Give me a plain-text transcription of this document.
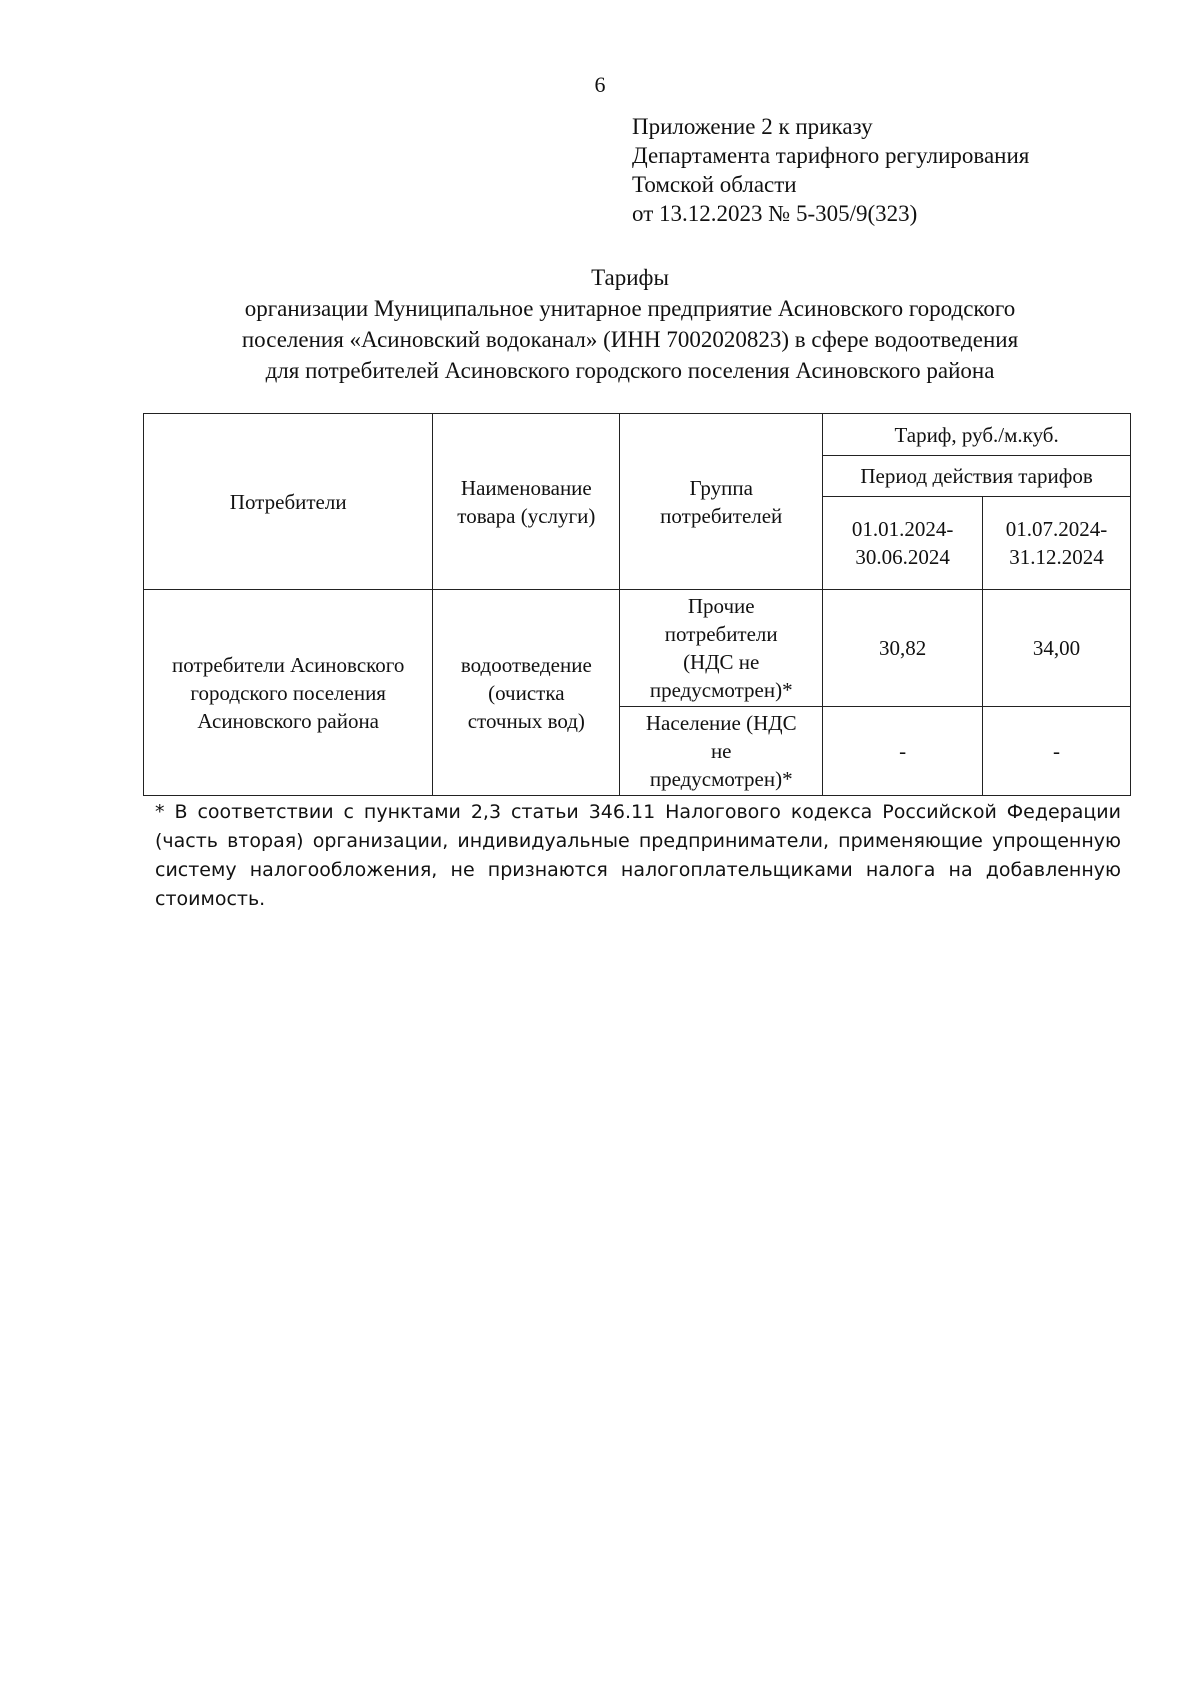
6
Приложение 2 к приказу
Департамента тарифного регулирования
Томской области
от 13.12.2023 № 5-305/9(323)
Тарифы
организации Муниципальное унитарное предприятие Асиновского городского
поселения «Асиновский водоканал» (ИНН 7002020823) в сфере водоотведения
для потребителей Асиновского городского поселения Асиновского района
Потребители	Наименование товара (услуги)	Группа потребителей	Тариф, руб./м.куб.	
			Период действия тарифов	
			01.01.2024-30.06.2024	01.07.2024-31.12.2024
потребители Асиновского городского поселения Асиновского района	водоотведение (очистка сточных вод)	Прочие потребители (НДС не предусмотрен)*	30,82	34,00
		Население (НДС не предусмотрен)*	-	-
* В соответствии с пунктами 2,3 статьи 346.11 Налогового кодекса Российской Федерации (часть вторая) организации, индивидуальные предприниматели, применяющие упрощенную систему налогообложения, не признаются налогоплательщиками налога на добавленную стоимость.
